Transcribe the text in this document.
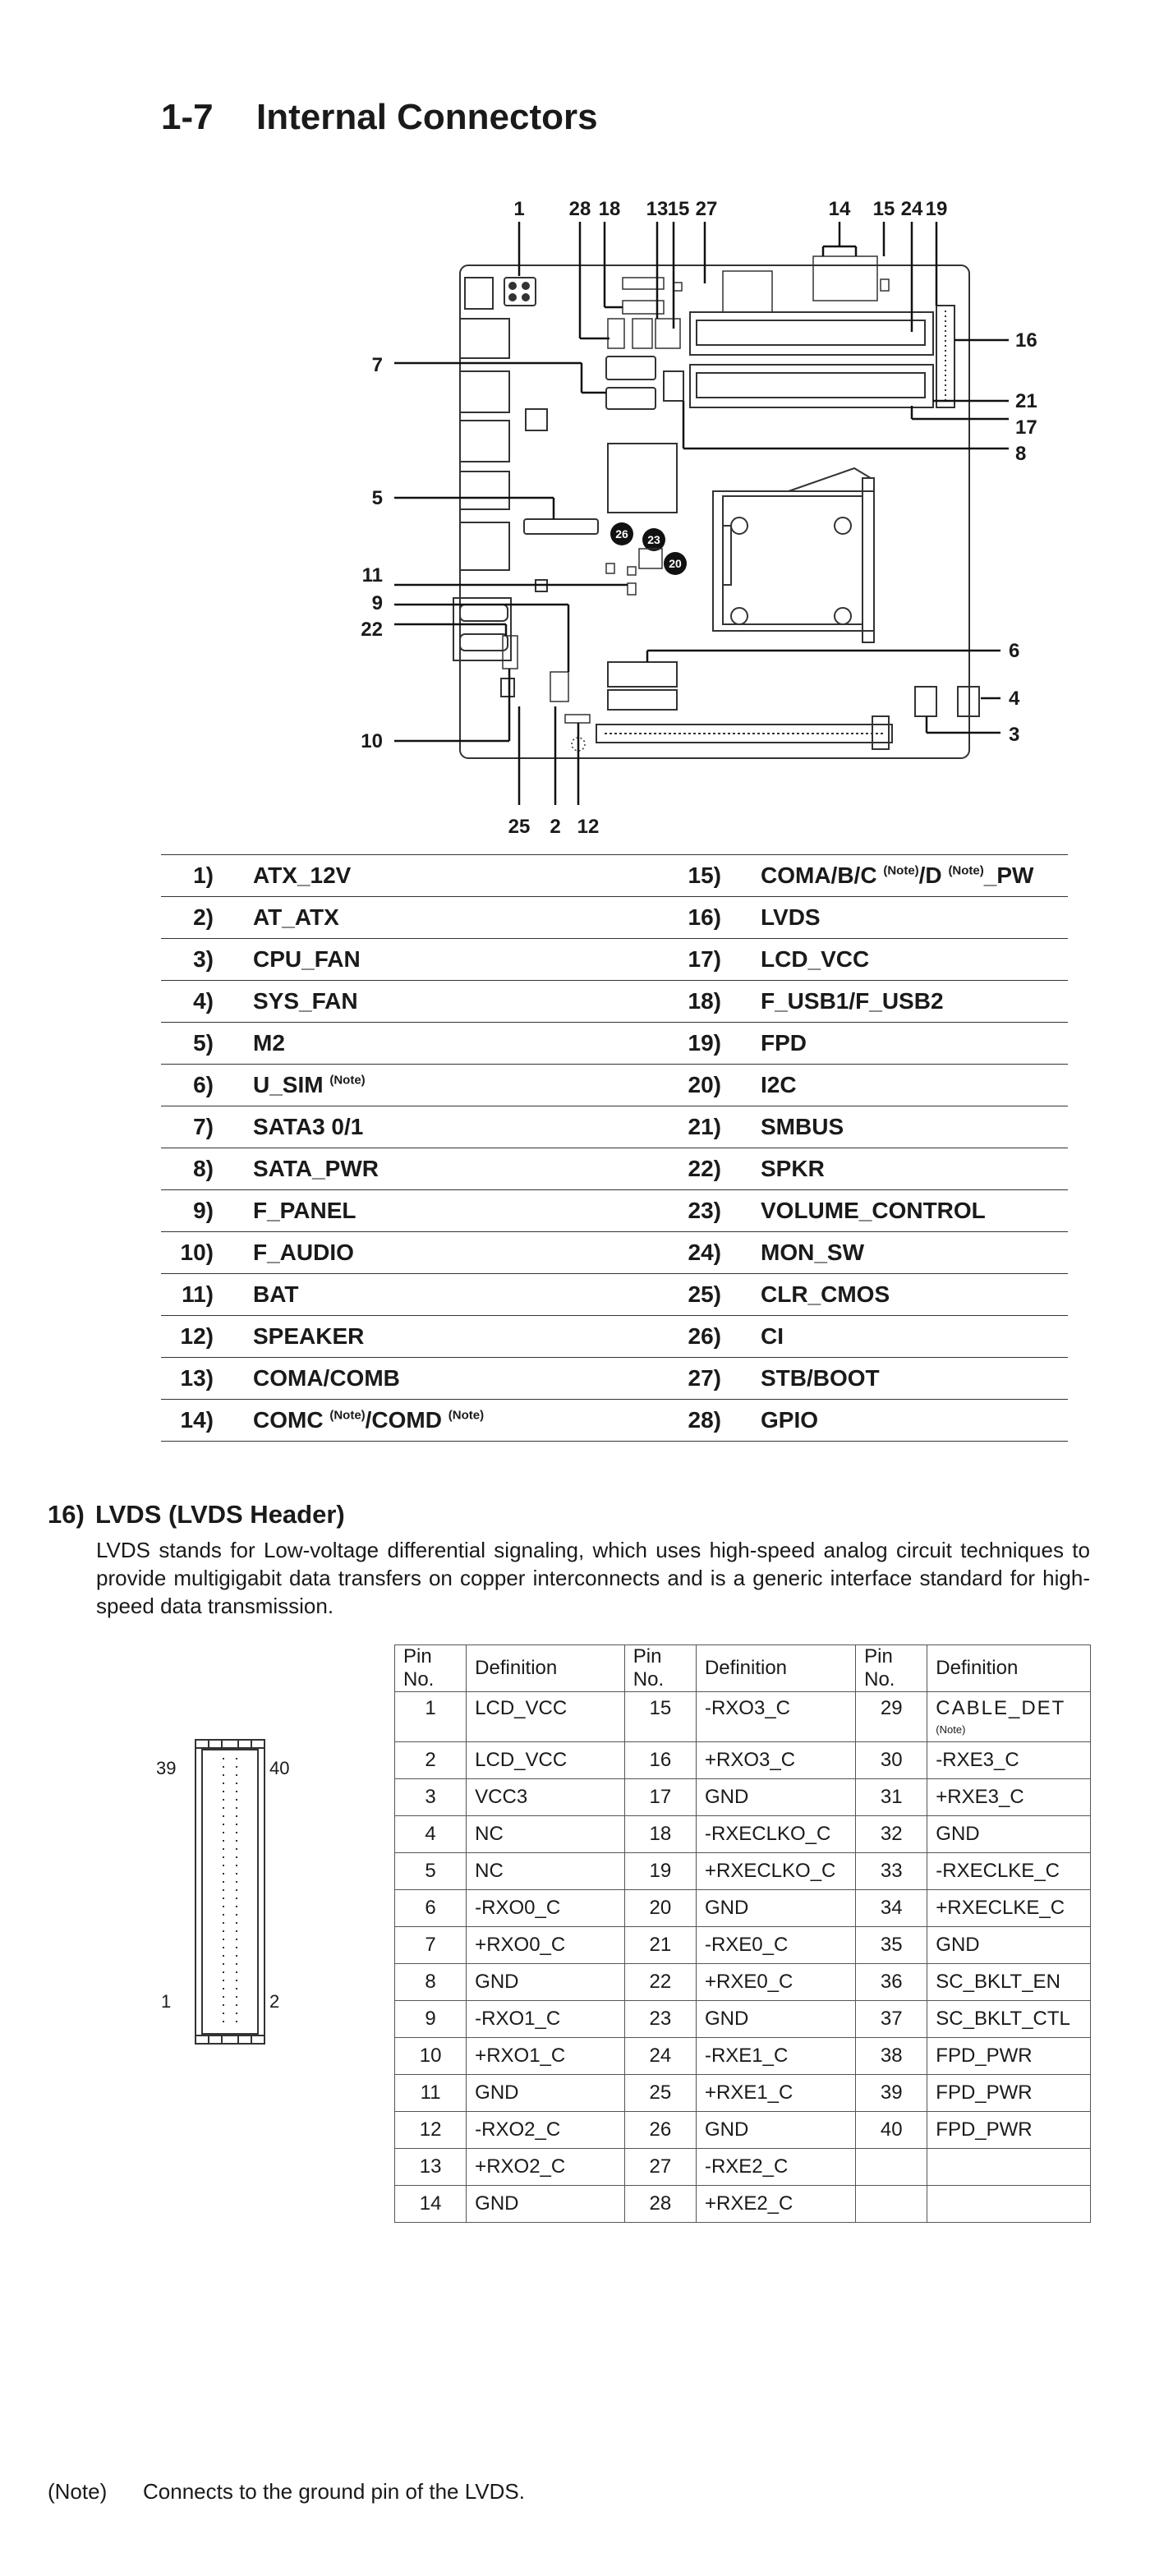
1-7 Internal Connectors
26 23
20
1 28 18 13 15 27	14 15 24 19
7
5
11
9
22
10
16
21
17
8
6
4
3
25 2 12
1)	ATX_12V	15)	COMA/B/C $^{(Note)}$/D $^{(Note)}$_PW
2)	AT_ATX	16)	LVDS
3)	CPU_FAN	17)	LCD_VCC
4)	SYS_FAN	18)	F_USB1/F_USB2
5)	M2	19)	FPD
6)	U_SIM $^{(Note)}$	20)	I2C
7)	SATA3 0/1	21)	SMBUS
8)	SATA_PWR	22)	SPKR
9)	F_PANEL	23)	VOLUME_CONTROL
10)	F_AUDIO	24)	MON_SW
11)	BAT	25)	CLR_CMOS
12)	SPEAKER	26)	CI
13)	COMA/COMB	27)	STB/BOOT
14)	COMC $^{(Note)}$/COMD $^{(Note)}$	28)	GPIO
16) LVDS (LVDS Header)
LVDS stands for Low-voltage differential signaling, which uses high-speed analog circuit techniques to provide multigigabit data transfers on copper interconnects and is a generic interface standard for high-speed data transmission.
39	40
1	2
Pin No.	Definition	Pin No.	Definition	Pin No.	Definition
1	LCD_VCC	15	-RXO3_C	29	CABLE_DET
(Note)

2	LCD_VCC	16	+RXO3_C	30	-RXE3_C
3	VCC3	17	GND	31	+RXE3_C
4	NC	18	-RXECLKO_C	32	GND
5	NC	19	+RXECLKO_C	33	-RXECLKE_C
6	-RXO0_C	20	GND	34	+RXECLKE_C
7	+RXO0_C	21	-RXE0_C	35	GND
8	GND	22	+RXE0_C	36	SC_BKLT_EN
9	-RXO1_C	23	GND	37	SC_BKLT_CTL
10	+RXO1_C	24	-RXE1_C	38	FPD_PWR
11	GND	25	+RXE1_C	39	FPD_PWR
12	-RXO2_C	26	GND	40	FPD_PWR
13	+RXO2_C	27	-RXE2_C		
14	GND	28	+RXE2_C		
(Note) Connects to the ground pin of the LVDS.
